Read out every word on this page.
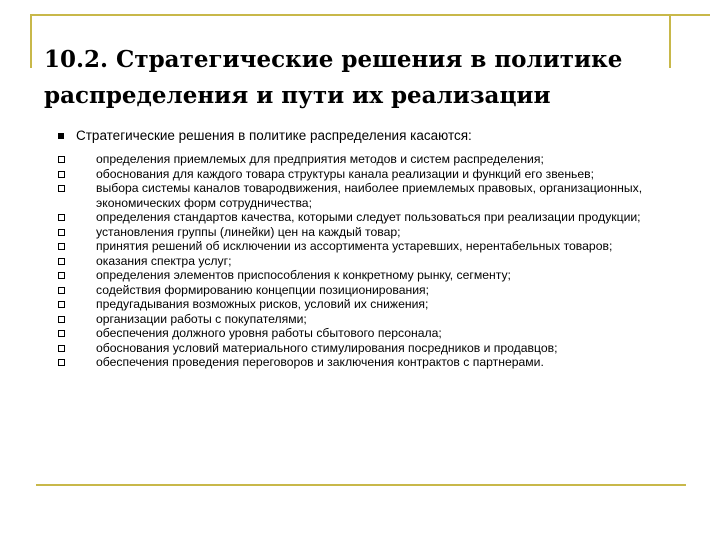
10.2. Стратегические решения в политике распределения и пути их реализации
Стратегические решения в политике распределения касаются:
определения приемлемых для предприятия методов и систем распределения;
обоснования для каждого товара структуры канала реализации и функций его звеньев;
выбора системы каналов товародвижения, наиболее приемлемых правовых, организационных, экономических форм сотрудничества;
определения стандартов качества, которыми следует пользоваться при реализации продукции;
установления группы (линейки) цен на каждый товар;
принятия решений об исключении из ассортимента устаревших, нерентабельных товаров;
оказания спектра услуг;
определения элементов приспособления к конкретному рынку, сегменту;
содействия формированию концепции позиционирования;
предугадывания возможных рисков, условий их снижения;
организации работы с покупателями;
обеспечения должного уровня работы сбытового персонала;
обоснования условий материального стимулирования посредников и продавцов;
обеспечения проведения переговоров и заключения контрактов с партнерами.
